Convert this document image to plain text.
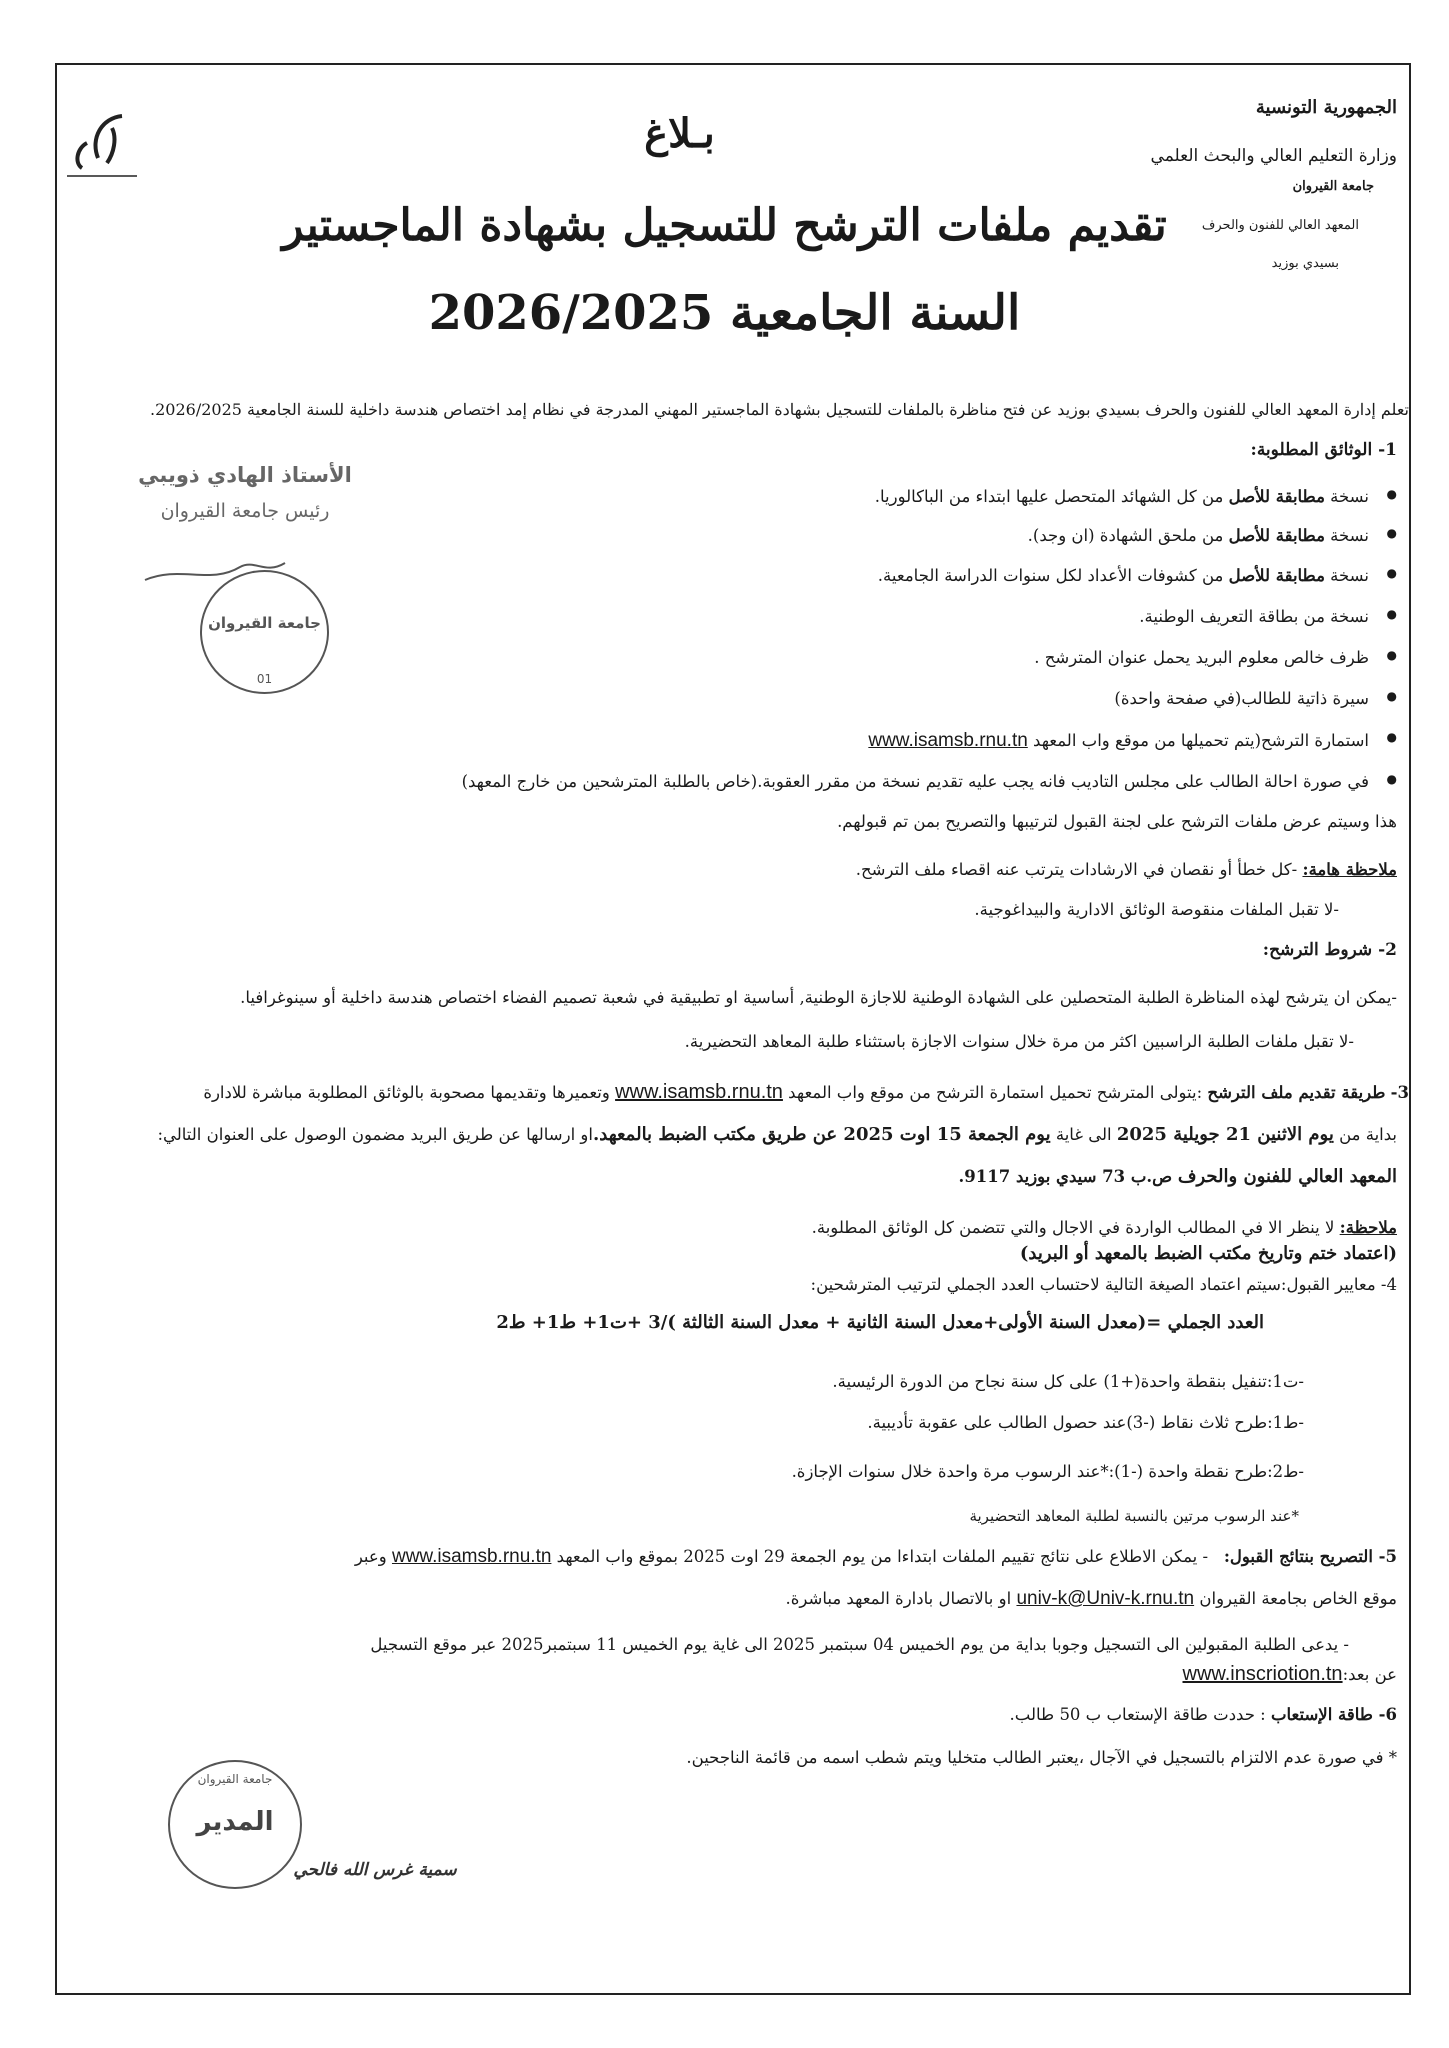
الجمهورية التونسية
وزارة التعليم العالي والبحث العلمي
جامعة القيروان
المعهد العالي للفنون والحرف
بسيدي بوزيد
بـلاغ
تقديم ملفات الترشح للتسجيل بشهادة الماجستير
السنة الجامعية 2026/2025
تعلم إدارة المعهد العالي للفنون والحرف بسيدي بوزيد عن فتح مناظرة بالملفات للتسجيل بشهادة الماجستير المهني المدرجة في نظام إمد اختصاص هندسة داخلية للسنة الجامعية 2026/2025.
الأستاذ الهادي ذويبي
رئيس جامعة القيروان
جامعة القيروان
01
1- الوثائق المطلوبة:
● نسخة مطابقة للأصل من كل الشهائد المتحصل عليها ابتداء من الباكالوريا.
● نسخة مطابقة للأصل من ملحق الشهادة (ان وجد).
● نسخة مطابقة للأصل من كشوفات الأعداد لكل سنوات الدراسة الجامعية.
● نسخة من بطاقة التعريف الوطنية.
● ظرف خالص معلوم البريد يحمل عنوان المترشح .
● سيرة ذاتية للطالب(في صفحة واحدة)
● استمارة الترشح(يتم تحميلها من موقع واب المعهد www.isamsb.rnu.tn
● في صورة احالة الطالب على مجلس التاديب فانه يجب عليه تقديم نسخة من مقرر العقوبة.(خاص بالطلبة المترشحين من خارج المعهد)
هذا وسيتم عرض ملفات الترشح على لجنة القبول لترتيبها والتصريح بمن تم قبولهم.
ملاحظة هامة: -كل خطأ أو نقصان في الارشادات يترتب عنه اقصاء ملف الترشح.
-لا تقبل الملفات منقوصة الوثائق الادارية والبيداغوجية.
2- شروط الترشح:
-يمكن ان يترشح لهذه المناظرة الطلبة المتحصلين على الشهادة الوطنية للاجازة الوطنية, أساسية او تطبيقية في شعبة تصميم الفضاء اختصاص هندسة داخلية أو سينوغرافيا.
-لا تقبل ملفات الطلبة الراسبين اكثر من مرة خلال سنوات الاجازة باستثناء طلبة المعاهد التحضيرية.
3- طريقة تقديم ملف الترشح :يتولى المترشح تحميل استمارة الترشح من موقع واب المعهد www.isamsb.rnu.tn وتعميرها وتقديمها مصحوبة بالوثائق المطلوبة مباشرة للادارة
بداية من يوم الاثنين 21 جويلية 2025 الى غاية يوم الجمعة 15 اوت 2025 عن طريق مكتب الضبط بالمعهد.او ارسالها عن طريق البريد مضمون الوصول على العنوان التالي:
المعهد العالي للفنون والحرف ص.ب 73 سيدي بوزيد 9117.
ملاحظة: لا ينظر الا في المطالب الواردة في الاجال والتي تتضمن كل الوثائق المطلوبة.
(اعتماد ختم وتاريخ مكتب الضبط بالمعهد أو البريد)
4- معايير القبول:سيتم اعتماد الصيغة التالية لاحتساب العدد الجملي لترتيب المترشحين:
العدد الجملي =(معدل السنة الأولى+معدل السنة الثانية + معدل السنة الثالثة )/3 +ت1+ ط1+ ط2
-ت1:تنفيل بنقطة واحدة(+1) على كل سنة نجاح من الدورة الرئيسية.
-ط1:طرح ثلاث نقاط (-3)عند حصول الطالب على عقوبة تأديبية.
-ط2:طرح نقطة واحدة (-1):*عند الرسوب مرة واحدة خلال سنوات الإجازة.
*عند الرسوب مرتين بالنسبة لطلبة المعاهد التحضيرية
5- التصريح بنتائج القبول:   - يمكن الاطلاع على نتائج تقييم الملفات ابتداءا من يوم الجمعة 29 اوت 2025 بموقع واب المعهد www.isamsb.rnu.tn وعبر
موقع الخاص بجامعة القيروان univ-k@Univ-k.rnu.tn او بالاتصال بادارة المعهد مباشرة.
- يدعى الطلبة المقبولين الى التسجيل وجوبا بداية من يوم الخميس 04 سبتمبر 2025 الى غاية يوم الخميس 11 سبتمبر2025 عبر موقع التسجيل
عن بعد:www.inscriotion.tn
6- طاقة الإستعاب : حددت طاقة الإستعاب ب 50 طالب.
* في صورة عدم الالتزام بالتسجيل في الآجال ،يعتبر الطالب متخليا ويتم شطب اسمه من قائمة الناجحين.
جامعة القيروان
المدير
سمية غرس الله فالحي
